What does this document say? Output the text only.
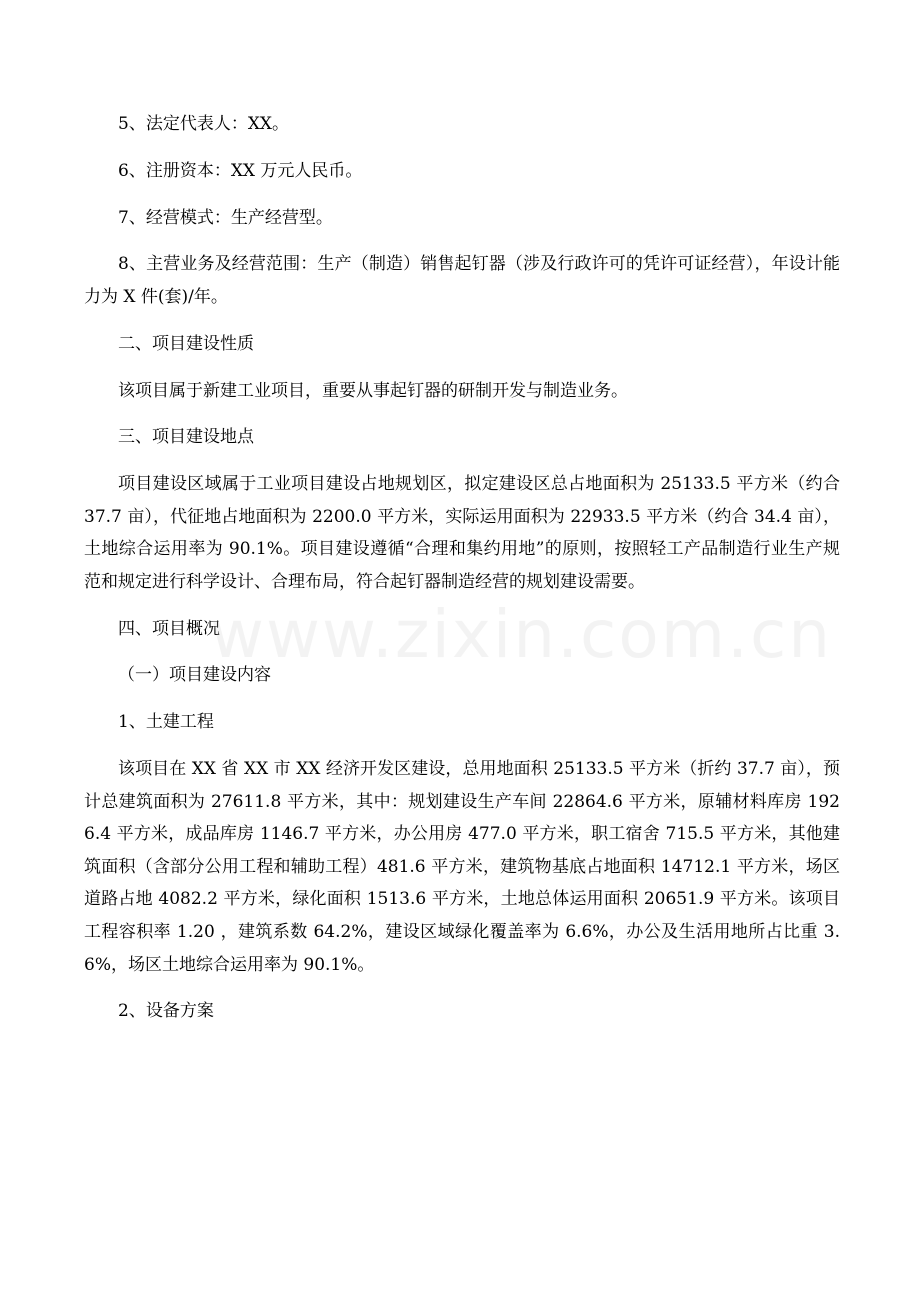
5、法定代表人：XX。

6、注册资本：XX 万元人民币。

7、经营模式：生产经营型。

8、主营业务及经营范围：生产（制造）销售起钉器（涉及行政许可的凭许可证经营），年设计能力为 X 件(套)/年。

二、项目建设性质

该项目属于新建工业项目，重要从事起钉器的研制开发与制造业务。

三、项目建设地点

项目建设区域属于工业项目建设占地规划区，拟定建设区总占地面积为 25133.5 平方米（约合 37.7 亩），代征地占地面积为 2200.0 平方米，实际运用面积为 22933.5 平方米（约合 34.4 亩），土地综合运用率为 90.1%。项目建设遵循“合理和集约用地”的原则，按照轻工产品制造行业生产规范和规定进行科学设计、合理布局，符合起钉器制造经营的规划建设需要。

四、项目概况

（一）项目建设内容

1、土建工程

该项目在 XX 省 XX 市 XX 经济开发区建设，总用地面积 25133.5 平方米（折约 37.7 亩），预计总建筑面积为 27611.8 平方米，其中：规划建设生产车间 22864.6 平方米，原辅材料库房 1926.4 平方米，成品库房 1146.7 平方米，办公用房 477.0 平方米，职工宿舍 715.5 平方米，其他建筑面积（含部分公用工程和辅助工程）481.6 平方米，建筑物基底占地面积 14712.1 平方米，场区道路占地 4082.2 平方米，绿化面积 1513.6 平方米，土地总体运用面积 20651.9 平方米。该项目工程容积率 1.20 ，建筑系数 64.2%，建设区域绿化覆盖率为 6.6%，办公及生活用地所占比重 3.6%，场区土地综合运用率为 90.1%。

2、设备方案

www.zixin.com.cn
